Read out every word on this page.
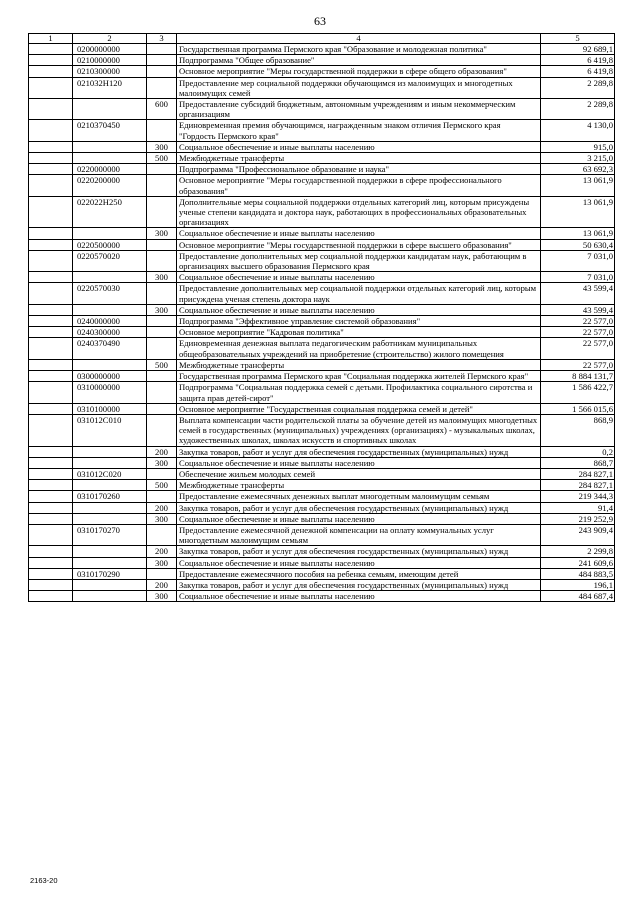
63
1	2	3	4	5
	0200000000		Государственная программа Пермского края "Образование и молодежная политика"	92 689,1
	0210000000		Подпрограмма "Общее образование"	6 419,8
	0210300000		Основное мероприятие "Меры государственной поддержки в сфере общего образования"	6 419,8
	021032Н120		Предоставление мер социальной поддержки обучающимся из малоимущих и многодетных малоимущих семей	2 289,8
		600	Предоставление субсидий бюджетным, автономным учреждениям и иным некоммерческим организациям	2 289,8
	0210370450		Единовременная премия обучающимся, награжденным знаком отличия Пермского края "Гордость Пермского края"	4 130,0
		300	Социальное обеспечение и иные выплаты населению	915,0
		500	Межбюджетные трансферты	3 215,0
	0220000000		Подпрограмма "Профессиональное образование и наука"	63 692,3
	0220200000		Основное мероприятие "Меры государственной поддержки в сфере профессионального образования"	13 061,9
	022022Н250		Дополнительные меры социальной поддержки отдельных категорий лиц, которым присуждены ученые степени кандидата и доктора наук, работающих в профессиональных образовательных организациях	13 061,9
		300	Социальное обеспечение и иные выплаты населению	13 061,9
	0220500000		Основное мероприятие "Меры государственной поддержки в сфере высшего образования"	50 630,4
	0220570020		Предоставление дополнительных мер социальной поддержки кандидатам наук, работающим в организациях высшего образования Пермского края	7 031,0
		300	Социальное обеспечение и иные выплаты населению	7 031,0
	0220570030		Предоставление дополнительных мер социальной поддержки отдельных категорий лиц, которым присуждена ученая степень доктора наук	43 599,4
		300	Социальное обеспечение и иные выплаты населению	43 599,4
	0240000000		Подпрограмма "Эффективное управление системой образования"	22 577,0
	0240300000		Основное мероприятие "Кадровая политика"	22 577,0
	0240370490		Единовременная денежная выплата педагогическим работникам муниципальных общеобразовательных учреждений на приобретение (строительство) жилого помещения	22 577,0
		500	Межбюджетные трансферты	22 577,0
	0300000000		Государственная программа Пермского края "Социальная поддержка жителей Пермского края"	8 884 131,7
	0310000000		Подпрограмма "Социальная поддержка семей с детьми. Профилактика социального сиротства и защита прав детей-сирот"	1 586 422,7
	0310100000		Основное мероприятие "Государственная социальная поддержка семей и детей"	1 566 015,6
	031012С010		Выплата компенсации части родительской платы за обучение детей из малоимущих многодетных семей в государственных (муниципальных) учреждениях (организациях) - музыкальных школах, художественных школах, школах искусств и спортивных школах	868,9
		200	Закупка товаров, работ и услуг для обеспечения государственных (муниципальных) нужд	0,2
		300	Социальное обеспечение и иные выплаты населению	868,7
	031012С020		Обеспечение жильем молодых семей	284 827,1
		500	Межбюджетные трансферты	284 827,1
	0310170260		Предоставление ежемесячных денежных выплат многодетным малоимущим семьям	219 344,3
		200	Закупка товаров, работ и услуг для обеспечения государственных (муниципальных) нужд	91,4
		300	Социальное обеспечение и иные выплаты населению	219 252,9
	0310170270		Предоставление ежемесячной денежной компенсации на оплату коммунальных услуг многодетным малоимущим семьям	243 909,4
		200	Закупка товаров, работ и услуг для обеспечения государственных (муниципальных) нужд	2 299,8
		300	Социальное обеспечение и иные выплаты населению	241 609,6
	0310170290		Предоставление ежемесячного пособия на ребенка семьям, имеющим детей	484 883,5
		200	Закупка товаров, работ и услуг для обеспечения государственных (муниципальных) нужд	196,1
		300	Социальное обеспечение и иные выплаты населению	484 687,4
2163-20
